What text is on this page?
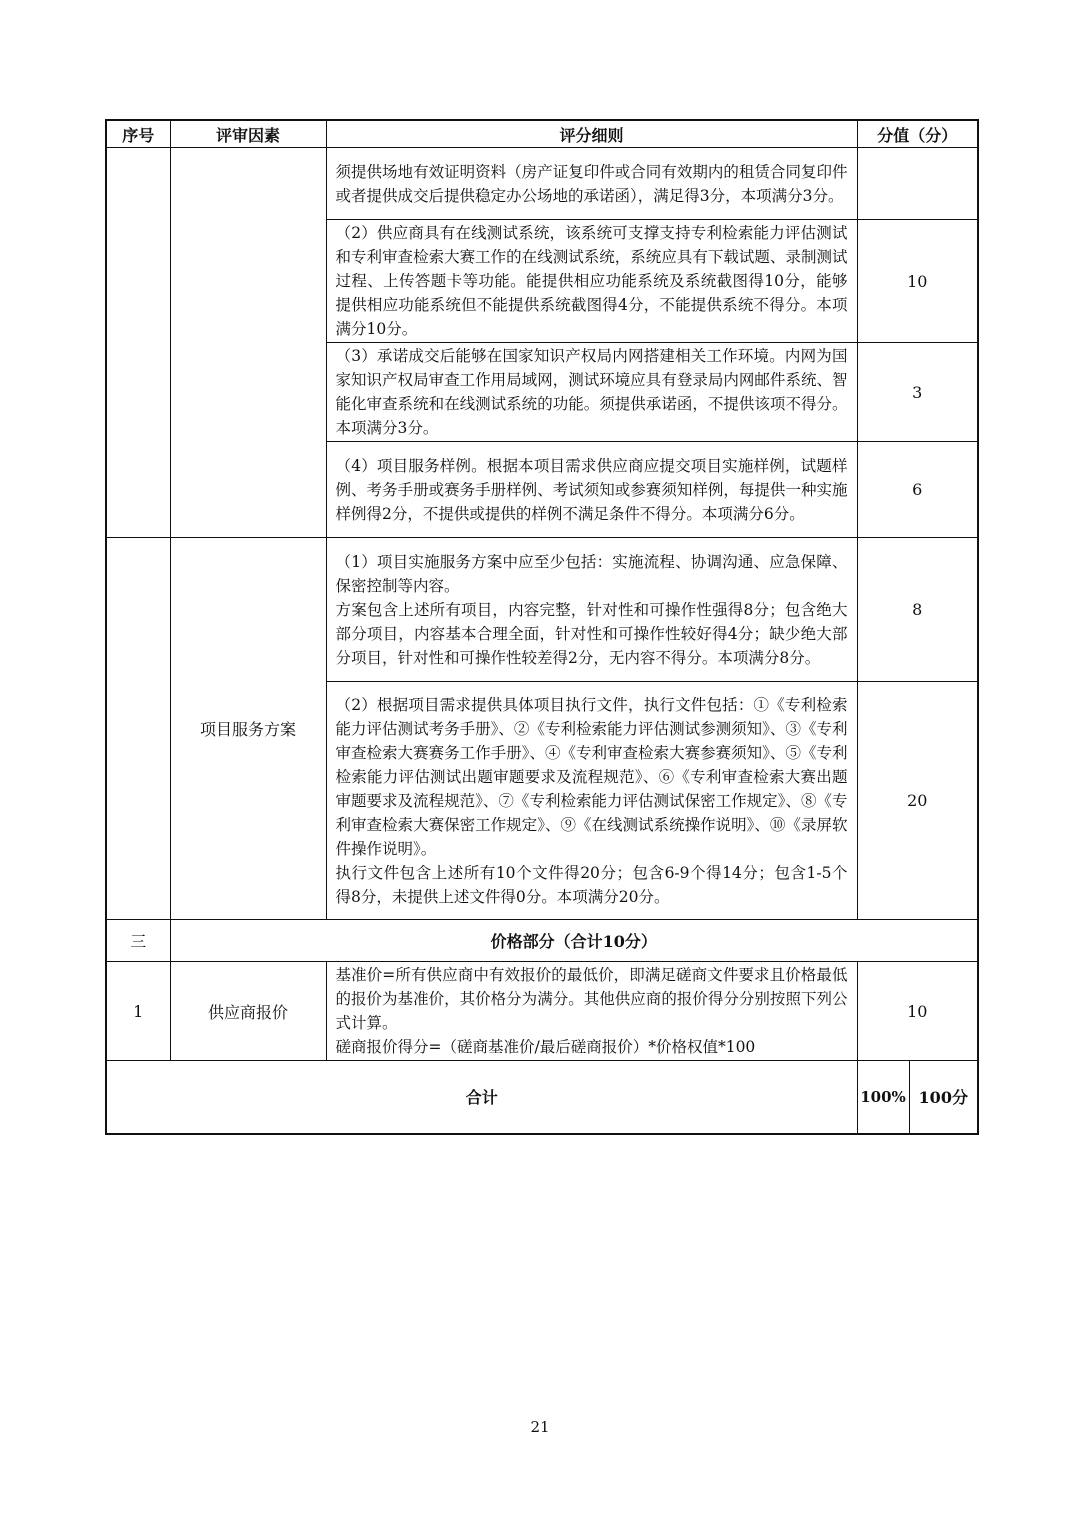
序号	评审因素	评分细则	分值（分）	
		须提供场地有效证明资料（房产证复印件或合同有效期内的租赁合同复印件或者提供成交后提供稳定办公场地的承诺函），满足得3分，本项满分3分。		
		（2）供应商具有在线测试系统，该系统可支撑支持专利检索能力评估测试和专利审查检索大赛工作的在线测试系统，系统应具有下载试题、录制测试过程、上传答题卡等功能。能提供相应功能系统及系统截图得10分，能够提供相应功能系统但不能提供系统截图得4分，不能提供系统不得分。本项满分10分。	10	
		（3）承诺成交后能够在国家知识产权局内网搭建相关工作环境。内网为国家知识产权局审查工作用局域网，测试环境应具有登录局内网邮件系统、智能化审查系统和在线测试系统的功能。须提供承诺函，不提供该项不得分。本项满分3分。	3	
		（4）项目服务样例。根据本项目需求供应商应提交项目实施样例，试题样例、考务手册或赛务手册样例、考试须知或参赛须知样例，每提供一种实施样例得2分，不提供或提供的样例不满足条件不得分。本项满分6分。	6	
	项目服务方案	（1）项目实施服务方案中应至少包括：实施流程、协调沟通、应急保障、保密控制等内容。

方案包含上述所有项目，内容完整，针对性和可操作性强得8分；包含绝大部分项目，内容基本合理全面，针对性和可操作性较好得4分；缺少绝大部分项目，针对性和可操作性较差得2分，无内容不得分。本项满分8分。	8	

		（2）根据项目需求提供具体项目执行文件，执行文件包括：①《专利检索能力评估测试考务手册》、②《专利检索能力评估测试参测须知》、③《专利审查检索大赛赛务工作手册》、④《专利审查检索大赛参赛须知》、⑤《专利检索能力评估测试出题审题要求及流程规范》、⑥《专利审查检索大赛出题审题要求及流程规范》、⑦《专利检索能力评估测试保密工作规定》、⑧《专利审查检索大赛保密工作规定》、⑨《在线测试系统操作说明》、⑩《录屏软件操作说明》。

执行文件包含上述所有10个文件得20分；包含6-9个得14分；包含1-5个得8分，未提供上述文件得0分。本项满分20分。	20	
三	价格部分（合计10分）			
1	供应商报价	基准价=所有供应商中有效报价的最低价，即满足磋商文件要求且价格最低的报价为基准价，其价格分为满分。其他供应商的报价得分分别按照下列公式计算。

磋商报价得分=（磋商基准价/最后磋商报价）*价格权值*100	10	
合计			100%	100分
21
